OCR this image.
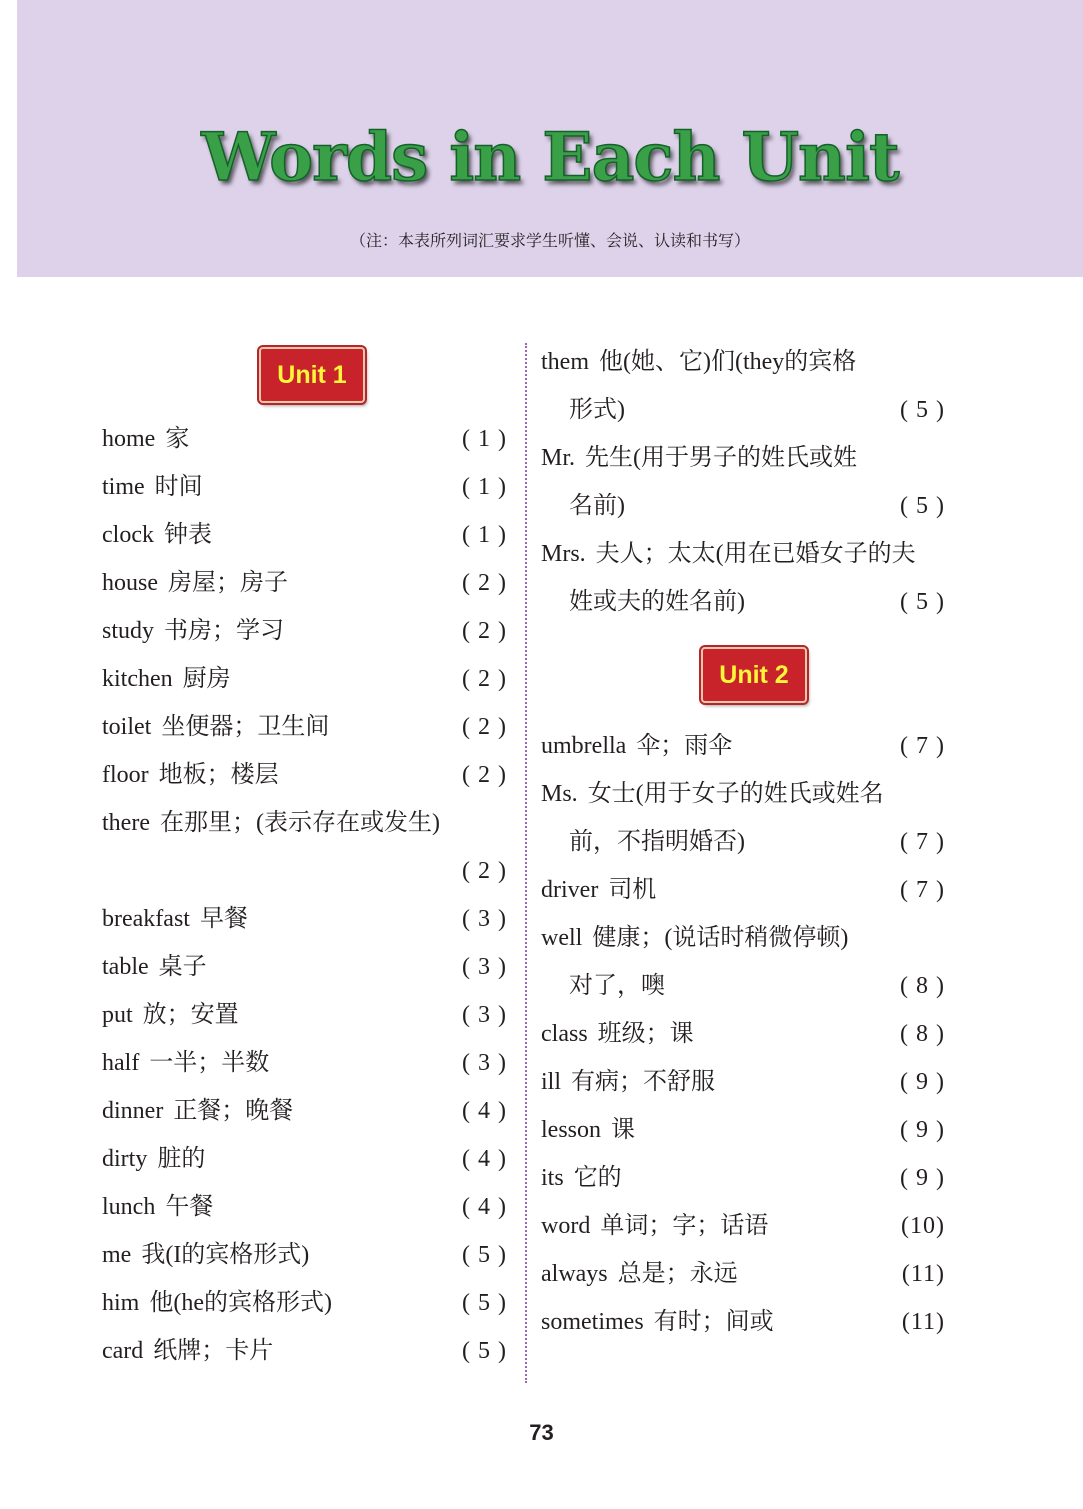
Words in Each Unit
（注：本表所列词汇要求学生听懂、会说、认读和书写）
Unit 1
home 家	( 1 )
time 时间	( 1 )
clock 钟表	( 1 )
house 房屋；房子	( 2 )
study 书房；学习	( 2 )
kitchen 厨房	( 2 )
toilet 坐便器；卫生间	( 2 )
floor 地板；楼层	( 2 )
there 在那里；(表示存在或发生)
( 2 )
breakfast 早餐	( 3 )
table 桌子	( 3 )
put 放；安置	( 3 )
half 一半；半数	( 3 )
dinner 正餐；晚餐	( 4 )
dirty 脏的	( 4 )
lunch 午餐	( 4 )
me 我(I的宾格形式)	( 5 )
him 他(he的宾格形式)	( 5 )
card 纸牌；卡片	( 5 )
them 他(她、它)们(they的宾格
形式)	( 5 )
Mr. 先生(用于男子的姓氏或姓
名前)	( 5 )
Mrs. 夫人；太太(用在已婚女子的夫
姓或夫的姓名前)	( 5 )
Unit 2
umbrella 伞；雨伞	( 7 )
Ms. 女士(用于女子的姓氏或姓名
前，不指明婚否)	( 7 )
driver 司机	( 7 )
well 健康；(说话时稍微停顿)
对了，噢	( 8 )
class 班级；课	( 8 )
ill 有病；不舒服	( 9 )
lesson 课	( 9 )
its 它的	( 9 )
word 单词；字；话语	(10)
always 总是；永远	(11)
sometimes 有时；间或	(11)
73
